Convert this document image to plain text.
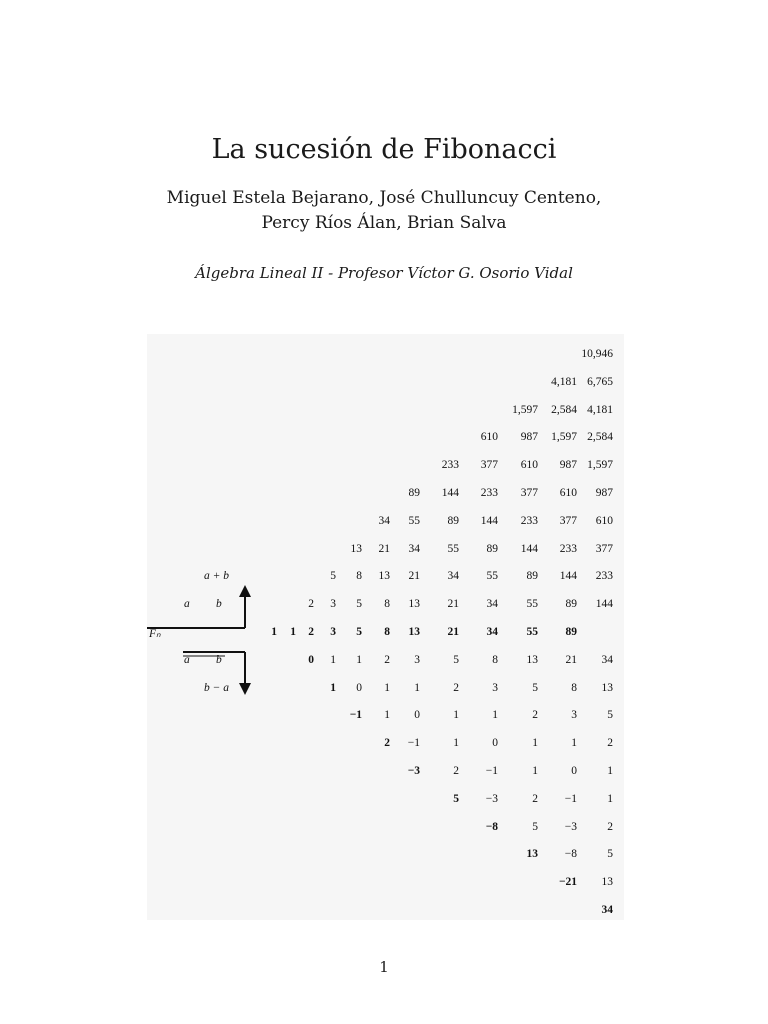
La sucesión de Fibonacci
Miguel Estela Bejarano, José Chulluncuy Centeno,
Percy Ríos Álan, Brian Salva
Álgebra Lineal II - Profesor Víctor G. Osorio Vidal
a + b
a b
Fₙ
a b
b − a
10,946
4,181 6,765
1,597 2,584 4,181
610 987 1,597 2,584
233 377 610 987 1,597
89 144 233 377 610 987
34 55 89 144 233 377 610
13 21 34 55 89 144 233 377
5 8 13 21 34 55 89 144 233
2 3 5 8 13 21 34 55 89 144
1 1 2 3 5 8 13 21 34 55 89
0 1 1 2 3	5	8 13 21 34
1 0 1 1	2	3	5	8 13
−1 1 0	1	1	2	3	5
2 −1	1	0	1	1	2
−3	2 −1	1	0	1
5 −3	2 −1	1
−8	5 −3	2
13 −8	5
−21 13
34
1
